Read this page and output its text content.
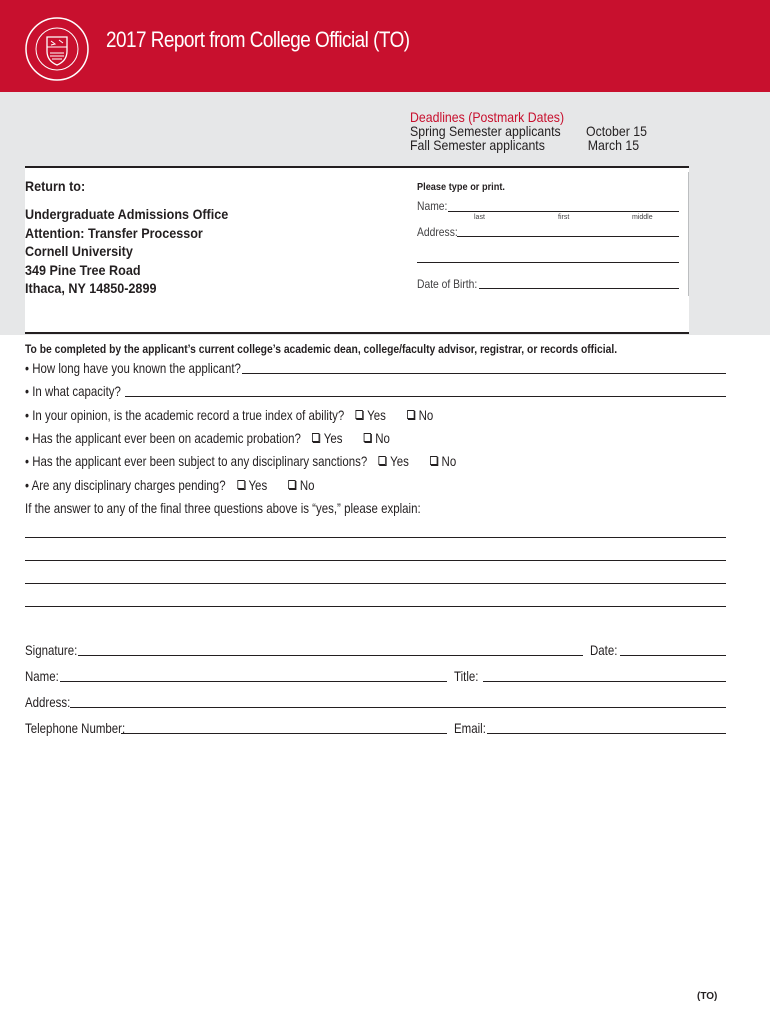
2017 Report from College Official (TO)
Deadlines (Postmark Dates)
Spring Semester applicants October 15
Fall Semester applicants	March 15
Return to:
Undergraduate Admissions Office
Attention: Transfer Processor
Cornell University
349 Pine Tree Road
Ithaca, NY 14850-2899
Please type or print.
Name:
last	first	middle
Address:
Date of Birth:
To be completed by the applicant’s current college’s academic dean, college/faculty advisor, registrar, or records official.
• How long have you known the applicant?
• In what capacity?
• In your opinion, is the academic record a true index of ability? Yes No
• Has the applicant ever been on academic probation? Yes No
• Has the applicant ever been subject to any disciplinary sanctions? Yes No
• Are any disciplinary charges pending? Yes No
If the answer to any of the final three questions above is “yes,” please explain:
Signature:	Date:
Name:	Title:
Address:
Telephone Number:	Email:
(TO)
